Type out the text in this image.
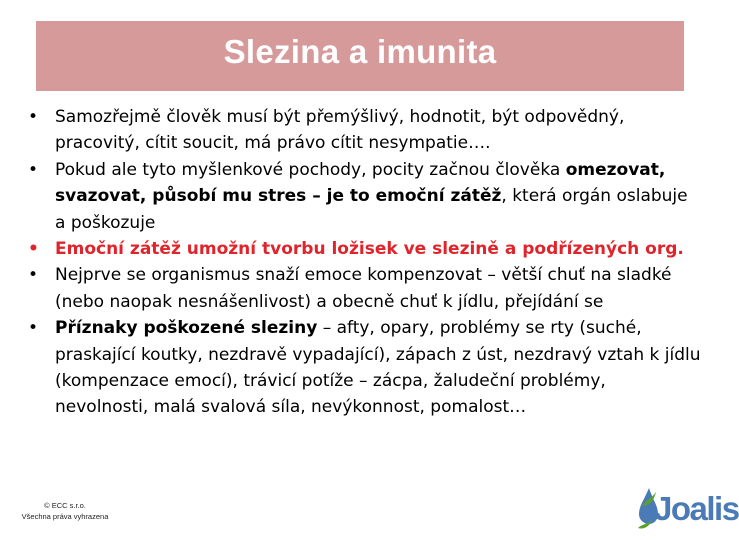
Slezina a imunita
• Samozřejmě člověk musí být přemýšlivý, hodnotit, být odpovědný, pracovitý, cítit soucit, má právo cítit nesympatie….
• Pokud ale tyto myšlenkové pochody, pocity začnou člověka omezovat, svazovat, působí mu stres – je to emoční zátěž, která orgán oslabuje a poškozuje
• Emoční zátěž umožní tvorbu ložisek ve slezině a podřízených org.
• Nejprve se organismus snaží emoce kompenzovat – větší chuť na sladké (nebo naopak nesnášenlivost) a obecně chuť k jídlu, přejídání se
• Příznaky poškozené sleziny – afty, opary, problémy se rty (suché, praskající koutky, nezdravě vypadající), zápach z úst, nezdravý vztah k jídlu (kompenzace emocí), trávicí potíže – zácpa, žaludeční problémy, nevolnosti, malá svalová síla, nevýkonnost, pomalost…
© ECC s.r.o.
Všechna práva vyhrazena	Joalis
